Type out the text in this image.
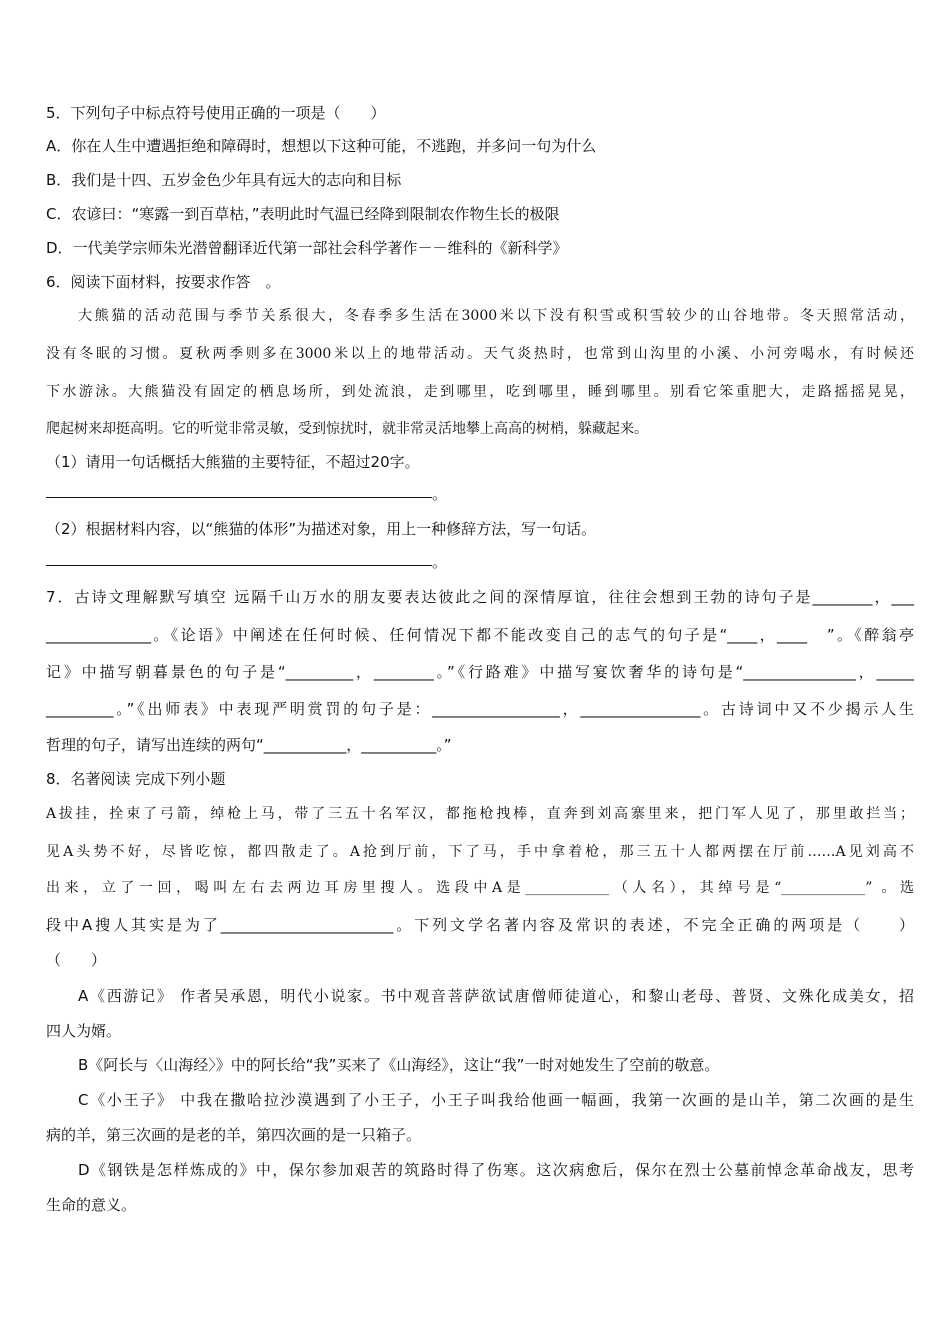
5．下列句子中标点符号使用正确的一项是（　　）
A．你在人生中遭遇拒绝和障碍时，想想以下这种可能，不逃跑，并多问一句为什么
B．我们是十四、五岁金色少年具有远大的志向和目标
C．农谚曰：“寒露一到百草枯，”表明此时气温已经降到限制农作物生长的极限
D．一代美学宗师朱光潜曾翻译近代第一部社会科学著作－－维科的《新科学》
6．阅读下面材料，按要求作答　。
大熊猫的活动范围与季节关系很大，冬春季多生活在3000米以下没有积雪或积雪较少的山谷地带。冬天照常活动，
没有冬眠的习惯。夏秋两季则多在3000米以上的地带活动。天气炎热时，也常到山沟里的小溪、小河旁喝水，有时候还
下水游泳。大熊猫没有固定的栖息场所，到处流浪，走到哪里，吃到哪里，睡到哪里。别看它笨重肥大，走路摇摇晃晃，
爬起树来却挺高明。它的听觉非常灵敏，受到惊扰时，就非常灵活地攀上高高的树梢，躲藏起来。
（1）请用一句话概括大熊猫的主要特征，不超过20字。
。
（2）根据材料内容，以“熊猫的体形”为描述对象，用上一种修辞方法，写一句话。
。
7．古诗文理解默写填空 远隔千山万水的朋友要表达彼此之间的深情厚谊，往往会想到王勃的诗句子是________，___
______________。《论语》中阐述在任何时候、任何情况下都不能改变自己的志气的句子是“____，____　”。《醉翁亭
记》中描写朝暮景色的句子是“_________，________。”《行路难》中描写宴饮奢华的诗句是“_______________，_____
_________。”《出师表》中表现严明赏罚的句子是：_________________，________________。古诗词中又不少揭示人生
哲理的句子，请写出连续的两句“___________，__________。”
8．名著阅读 完成下列小题
A拔挂，拴束了弓箭，绰枪上马，带了三五十名军汉，都拖枪拽棒，直奔到刘高寨里来，把门军人见了，那里敢拦当；
见A头势不好，尽皆吃惊，都四散走了。A抢到厅前，下了马，手中拿着枪，那三五十人都两摆在厅前……A见刘高不
出来，立了一回，喝叫左右去两边耳房里搜人。选段中A是____________（人名），其绰号是“____________” 。选
段中A搜人其实是为了_______________________。下列文学名著内容及常识的表述，不完全正确的两项是（　　）
（　　）
A《西游记》 作者吴承恩，明代小说家。书中观音菩萨欲试唐僧师徒道心，和黎山老母、普贤、文殊化成美女，招
四人为婿。
B《阿长与〈山海经〉》中的阿长给“我”买来了《山海经》，这让“我”一时对她发生了空前的敬意。
C《小王子》 中我在撒哈拉沙漠遇到了小王子，小王子叫我给他画一幅画，我第一次画的是山羊，第二次画的是生
病的羊，第三次画的是老的羊，第四次画的是一只箱子。
D《钢铁是怎样炼成的》中，保尔参加艰苦的筑路时得了伤寒。这次病愈后，保尔在烈士公墓前悼念革命战友，思考
生命的意义。
